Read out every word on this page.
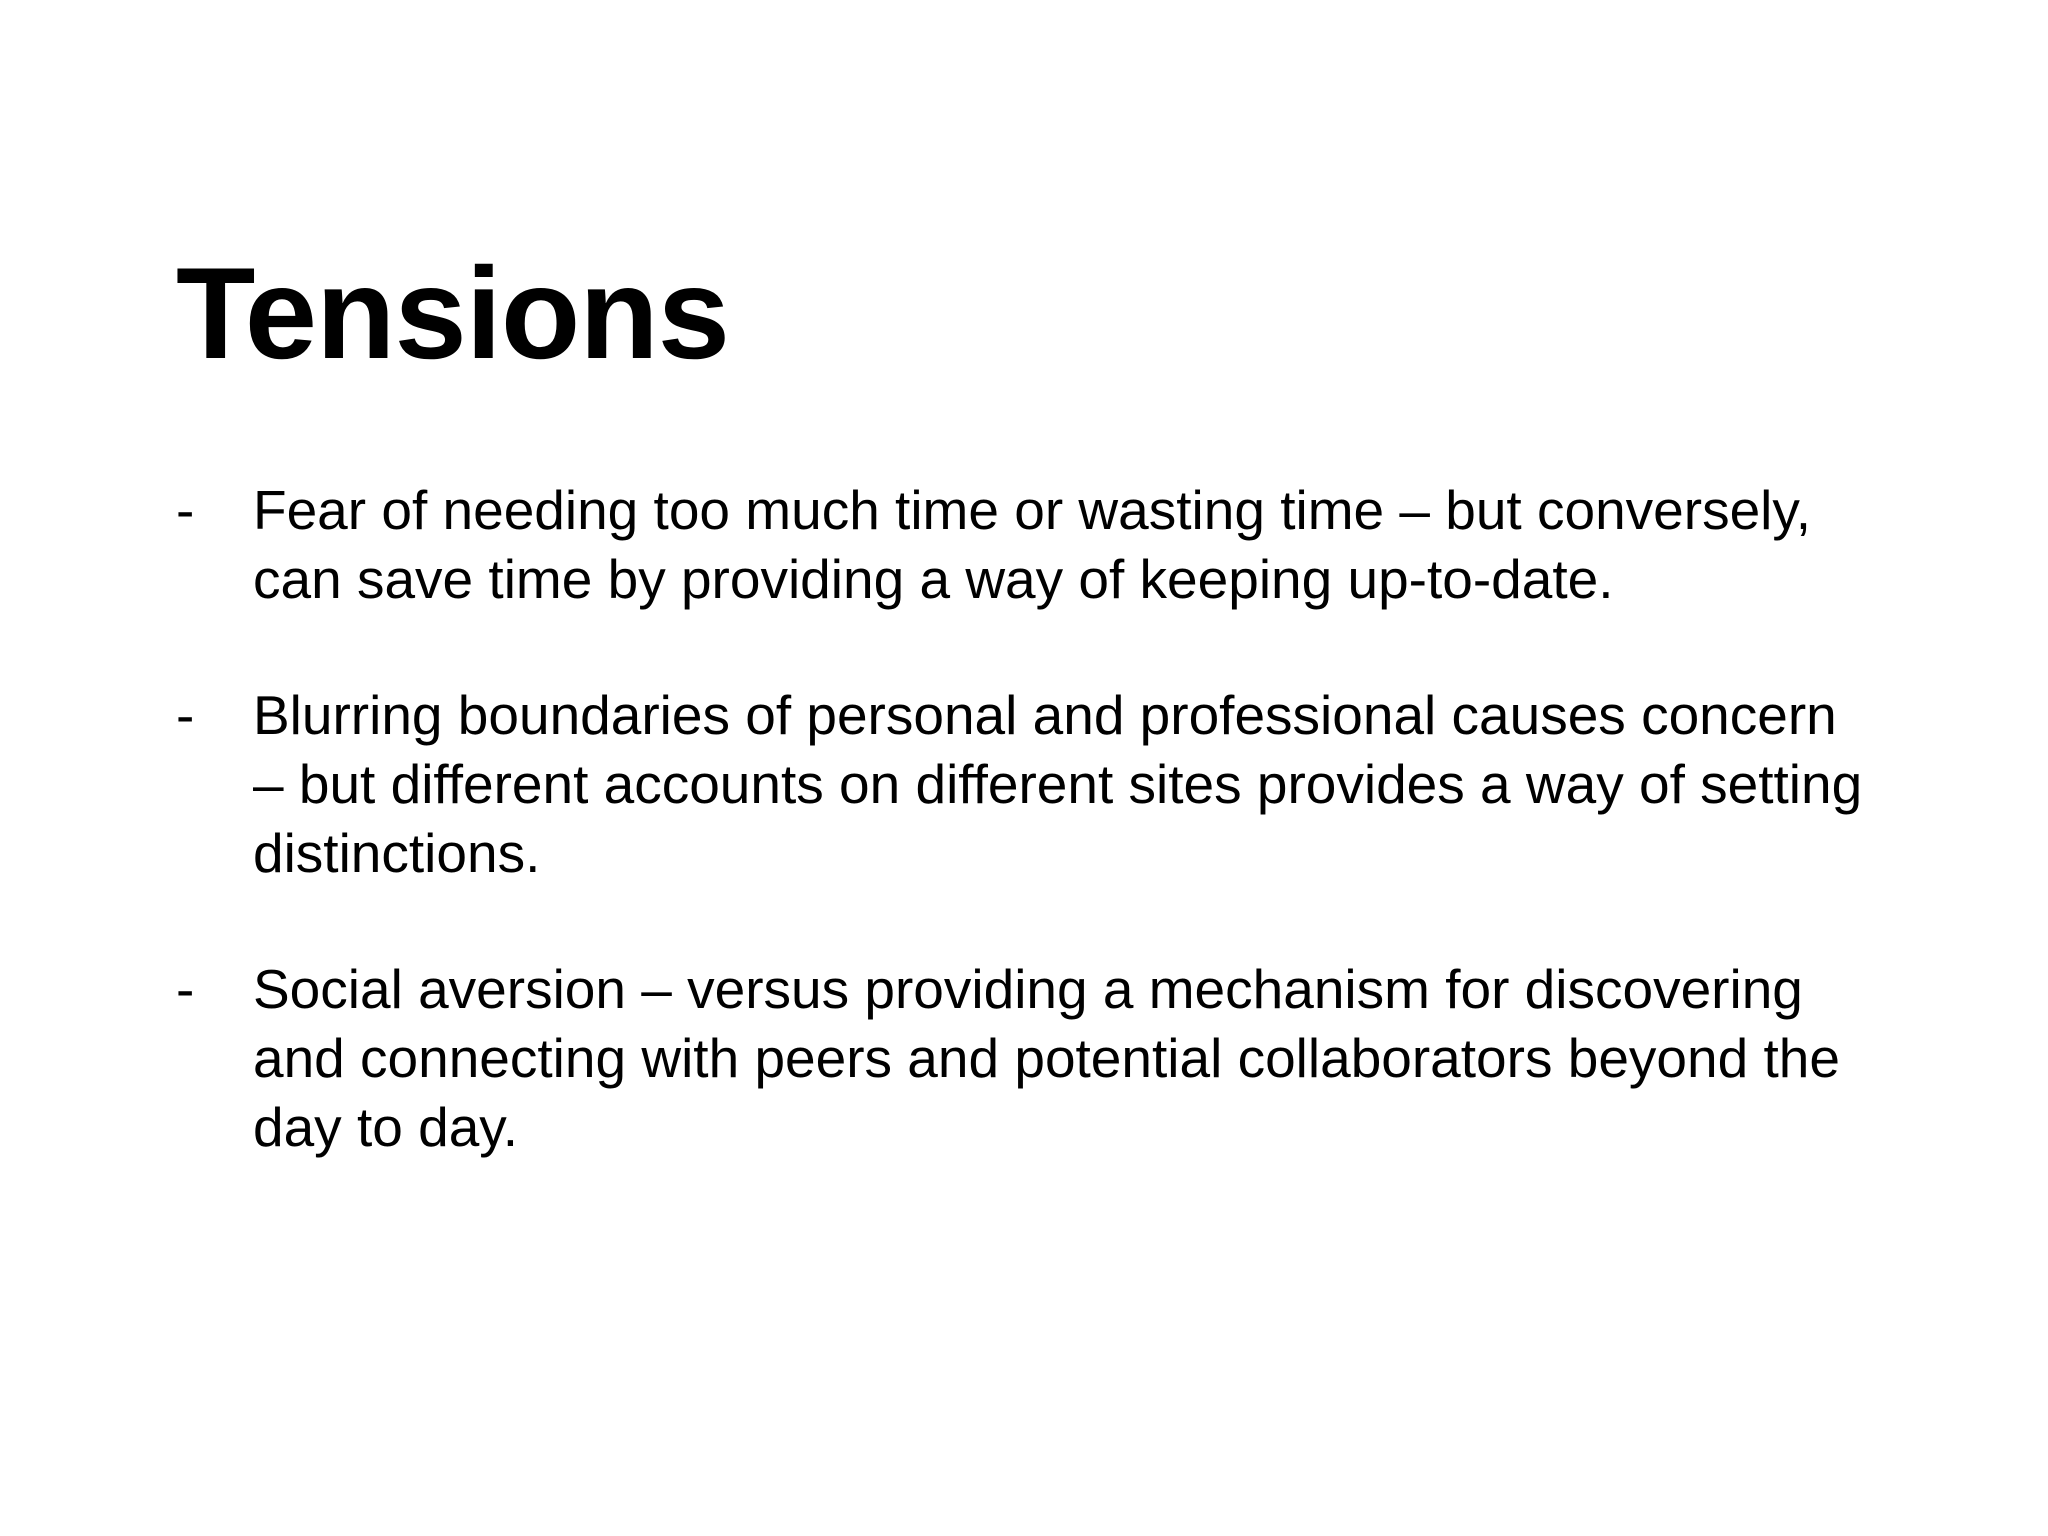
Tensions
-	Fear of needing too much time or wasting time – but conversely,
can save time by providing a way of keeping up-to-date.
-	Blurring boundaries of personal and professional causes concern
– but different accounts on different sites provides a way of setting
distinctions.
-	Social aversion – versus providing a mechanism for discovering
and connecting with peers and potential collaborators beyond the
day to day.
